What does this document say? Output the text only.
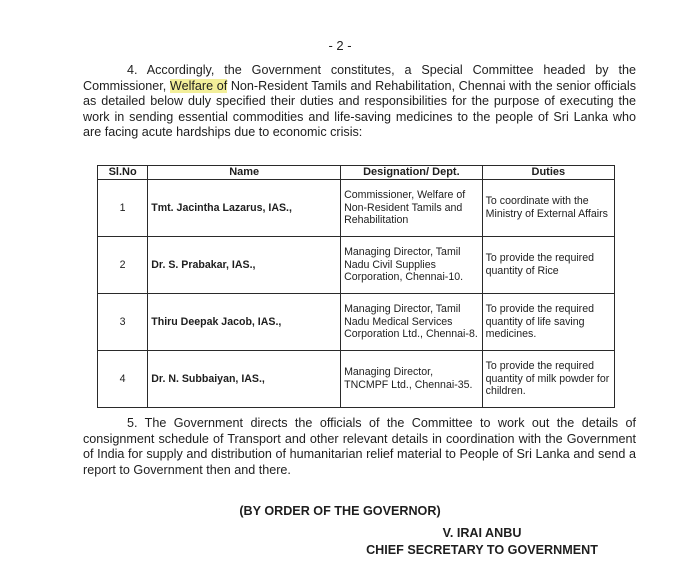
- 2 -
4. Accordingly, the Government constitutes, a Special Committee headed by the Commissioner, Welfare of Non-Resident Tamils and Rehabilitation, Chennai with the senior officials as detailed below duly specified their duties and responsibilities for the purpose of executing the work in sending essential commodities and life-saving medicines to the people of Sri Lanka who are facing acute hardships due to economic crisis:
Sl.No	Name	Designation/ Dept.	Duties
1	Tmt. Jacintha Lazarus, IAS.,	Commissioner, Welfare of Non-Resident Tamils and Rehabilitation	To coordinate with the Ministry of External Affairs
2	Dr. S. Prabakar, IAS.,	Managing Director, Tamil Nadu Civil Supplies Corporation, Chennai-10.	To provide the required quantity of Rice
3	Thiru Deepak Jacob, IAS.,	Managing Director, Tamil Nadu Medical Services Corporation Ltd., Chennai-8.	To provide the required quantity of life saving medicines.
4	Dr. N. Subbaiyan, IAS.,	Managing Director, TNCMPF Ltd., Chennai-35.	To provide the required quantity of milk powder for children.
5. The Government directs the officials of the Committee to work out the details of consignment schedule of Transport and other relevant details in coordination with the Government of India for supply and distribution of humanitarian relief material to People of Sri Lanka and send a report to Government then and there.
(BY ORDER OF THE GOVERNOR)
V. IRAI ANBU
CHIEF SECRETARY TO GOVERNMENT
